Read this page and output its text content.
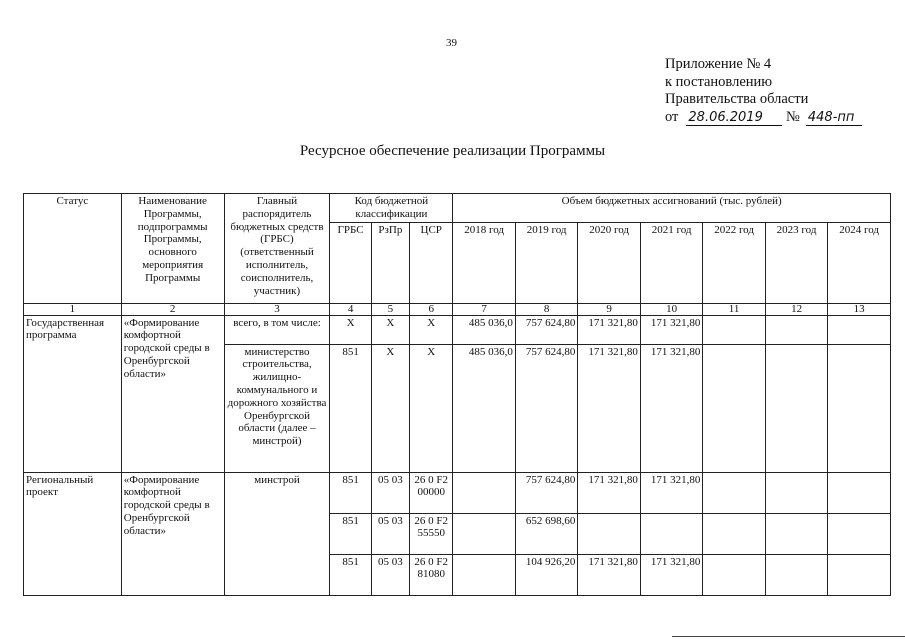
39
Приложение № 4
к постановлению
Правительства области
от 28.06.2019 № 448-пп
Ресурсное обеспечение реализации Программы
Статус	Наименование Программы, подпрограммы Программы, основного мероприятия Программы	Главный распорядитель бюджетных средств (ГРБС) (ответственный исполнитель, соисполнитель, участник)	Код бюджетной классификации			Объем бюджетных ассигнований (тыс. рублей)						
			ГРБС	РзПр	ЦСР	2018 год	2019 год	2020 год	2021 год	2022 год	2023 год	2024 год
1	2	3	4	5	6	7	8	9	10	11	12	13
Государственная программа	«Формирование комфортной городской среды в Оренбургской области»	всего, в том числе:	Х	Х	Х	485 036,0	757 624,80	171 321,80	171 321,80			
		министерство строительства, жилищно-коммунального и дорожного хозяйства Оренбургской области (далее – минстрой)	851	Х	Х	485 036,0	757 624,80	171 321,80	171 321,80			
Региональный проект	«Формирование комфортной городской среды в Оренбургской области»	минстрой	851	05 03	26 0 F2 00000		757 624,80	171 321,80	171 321,80			
			851	05 03	26 0 F2 55550		652 698,60					
			851	05 03	26 0 F2 81080		104 926,20	171 321,80	171 321,80			
